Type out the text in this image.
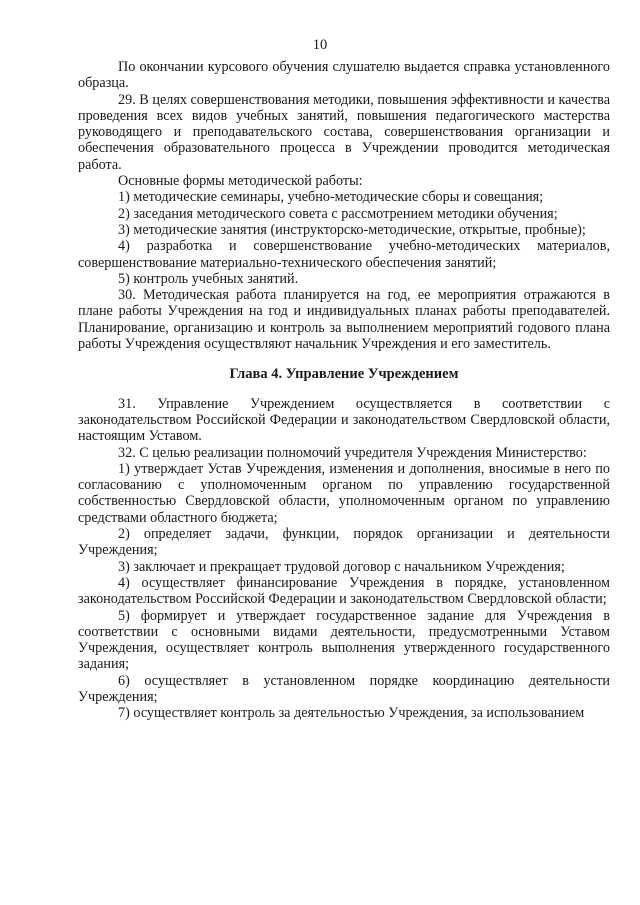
10

По окончании курсового обучения слушателю выдается справка установленного образца.

29. В целях совершенствования методики, повышения эффективности и качества проведения всех видов учебных занятий, повышения педагогического мастерства руководящего и преподавательского состава, совершенствования организации и обеспечения образовательного процесса в Учреждении проводится методическая работа.

Основные формы методической работы:

1) методические семинары, учебно-методические сборы и совещания;

2) заседания методического совета с рассмотрением методики обучения;

3) методические занятия (инструкторско-методические, открытые, пробные);

4) разработка и совершенствование учебно-методических материалов, совершенствование материально-технического обеспечения занятий;

5) контроль учебных занятий.

30. Методическая работа планируется на год, ее мероприятия отражаются в плане работы Учреждения на год и индивидуальных планах работы преподавателей. Планирование, организацию и контроль за выполнением мероприятий годового плана работы Учреждения осуществляют начальник Учреждения и его заместитель.

Глава 4. Управление Учреждением

31. Управление Учреждением осуществляется в соответствии с законодательством Российской Федерации и законодательством Свердловской области, настоящим Уставом.

32. С целью реализации полномочий учредителя Учреждения Министерство:

1) утверждает Устав Учреждения, изменения и дополнения, вносимые в него по согласованию с уполномоченным органом по управлению государственной собственностью Свердловской области, уполномоченным органом по управлению средствами областного бюджета;

2) определяет задачи, функции, порядок организации и деятельности Учреждения;

3) заключает и прекращает трудовой договор с начальником Учреждения;

4) осуществляет финансирование Учреждения в порядке, установленном законодательством Российской Федерации и законодательством Свердловской области;

5) формирует и утверждает государственное задание для Учреждения в соответствии с основными видами деятельности, предусмотренными Уставом Учреждения, осуществляет контроль выполнения утвержденного государственного задания;

6) осуществляет в установленном порядке координацию деятельности Учреждения;

7) осуществляет контроль за деятельностью Учреждения, за использованием
